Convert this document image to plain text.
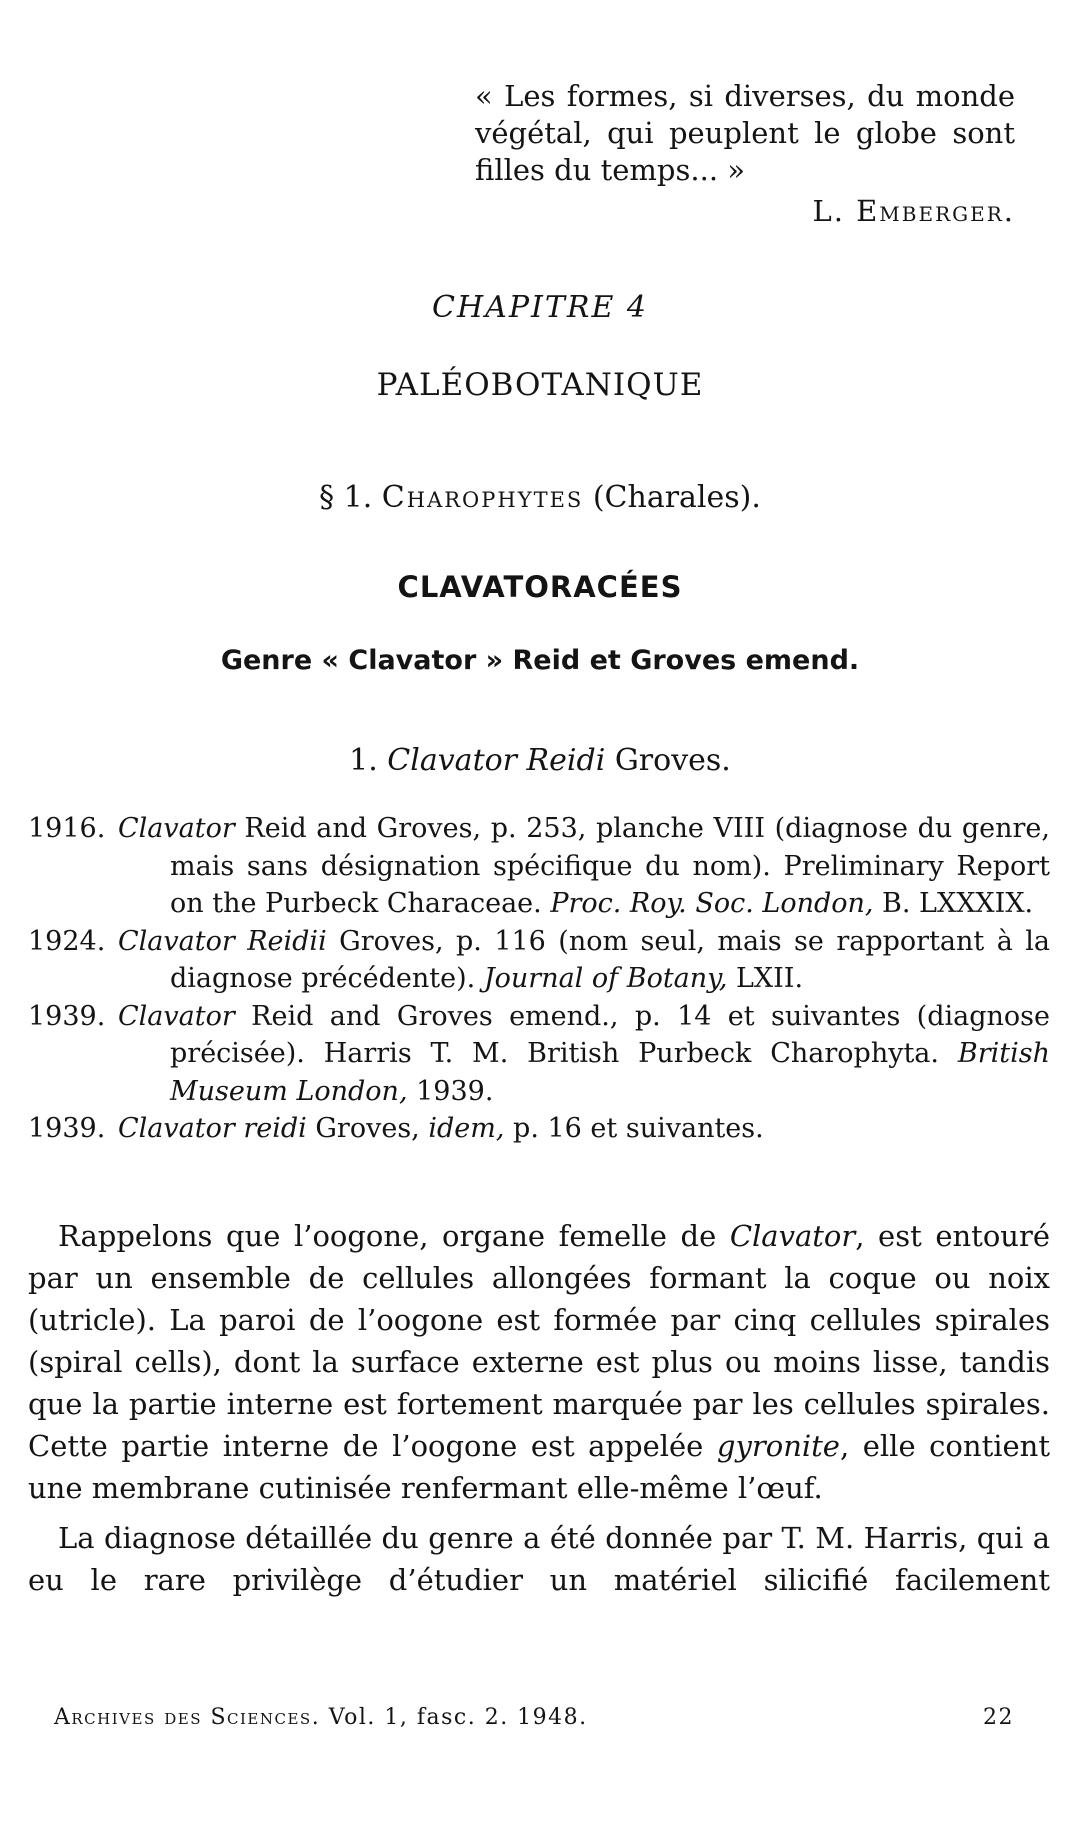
« Les formes, si diverses, du monde végétal, qui peuplent le globe sont filles du temps... »
L. Emberger.
CHAPITRE 4
PALÉOBOTANIQUE
§ 1. Charophytes (Charales).
CLAVATORACÉES
Genre « Clavator » Reid et Groves emend.
1. Clavator Reidi Groves.
1916. Clavator Reid and Groves, p. 253, planche VIII (diagnose du genre, mais sans désignation spécifique du nom). Preliminary Report on the Purbeck Characeae. Proc. Roy. Soc. London, B. LXXXIX.
1924. Clavator Reidii Groves, p. 116 (nom seul, mais se rapportant à la diagnose précédente). Journal of Botany, LXII.
1939. Clavator Reid and Groves emend., p. 14 et suivantes (diagnose précisée). Harris T. M. British Purbeck Charophyta. British Museum London, 1939.
1939. Clavator reidi Groves, idem, p. 16 et suivantes.

Rappelons que l’oogone, organe femelle de Clavator, est entouré par un ensemble de cellules allongées formant la coque ou noix (utricle). La paroi de l’oogone est formée par cinq cellules spirales (spiral cells), dont la surface externe est plus ou moins lisse, tandis que la partie interne est fortement marquée par les cellules spirales. Cette partie interne de l’oogone est appelée gyronite, elle contient une membrane cutinisée renfermant elle-même l’œuf.

La diagnose détaillée du genre a été donnée par T. M. Harris, qui a eu le rare privilège d’étudier un matériel silicifié facilement

Archives des Sciences. Vol. 1, fasc. 2. 1948.	22
